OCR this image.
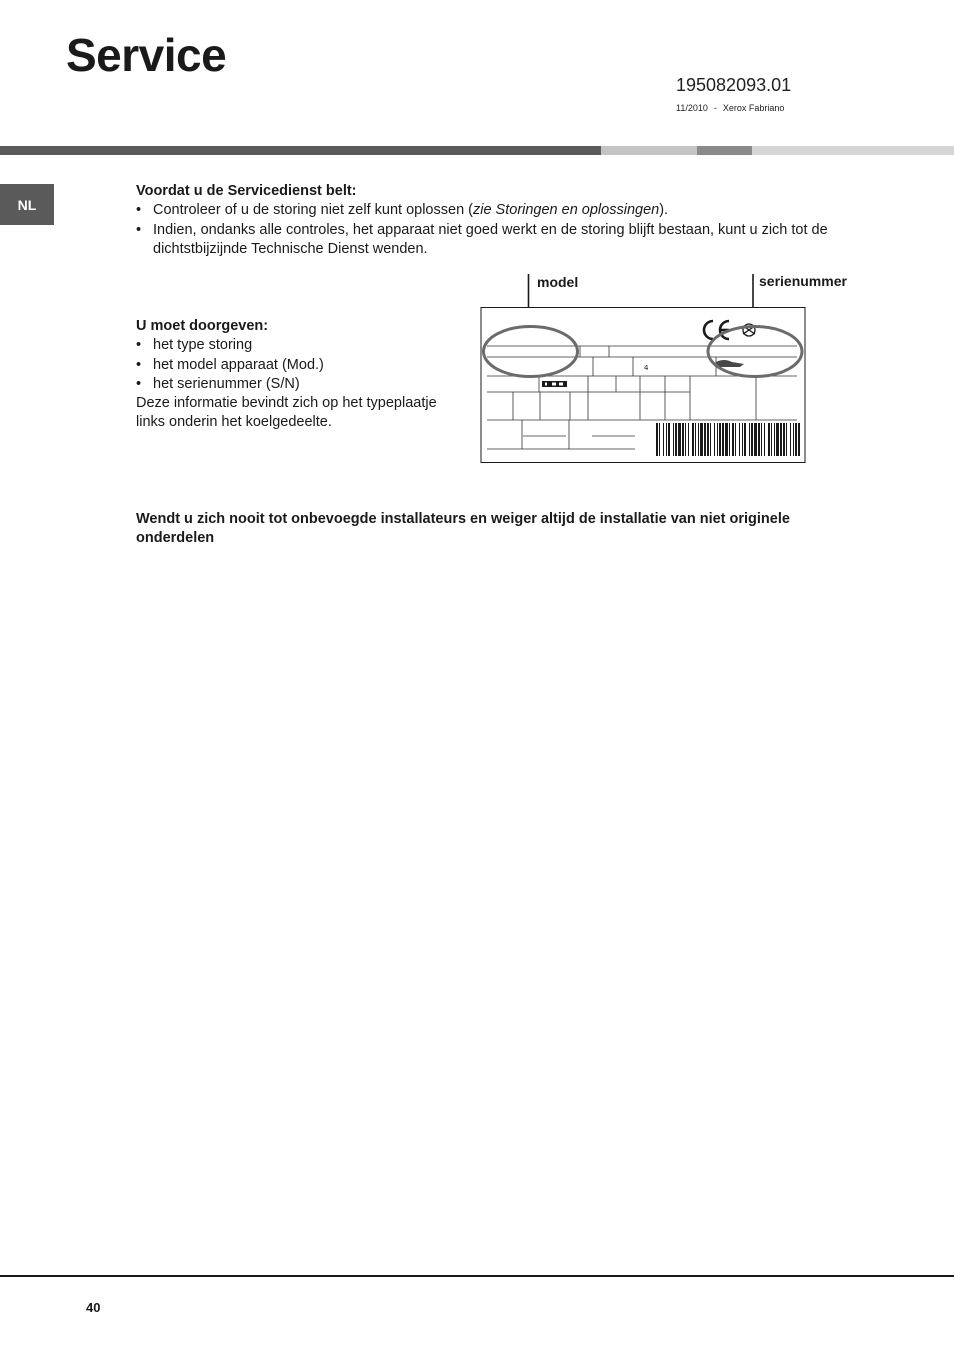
Service
195082093.01
11/2010 - Xerox Fabriano
NL
Voordat u de Servicedienst belt:
• Controleer of u de storing niet zelf kunt oplossen (zie Storingen en oplossingen).
• Indien, ondanks alle controles, het apparaat niet goed werkt en de storing blijft bestaan, kunt u zich tot de dichtstbijzijnde Technische Dienst wenden.
U moet doorgeven:
• het type storing
• het model apparaat (Mod.)
• het serienummer (S/N)
Deze informatie bevindt zich op het typeplaatje links onderin het koelgedeelte.
model	serienummer
4
Wendt u zich nooit tot onbevoegde installateurs en weiger altijd de installatie van niet originele onderdelen
40
